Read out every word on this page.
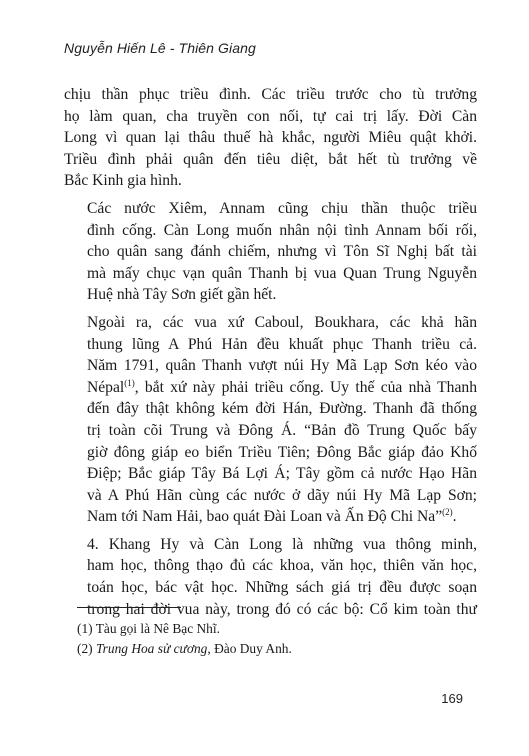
Nguyễn Hiến Lê - Thiên Giang

chịu thần phục triều đình. Các triều trước cho tù trưởng
họ làm quan, cha truyền con nối, tự cai trị lấy. Đời Càn
Long vì quan lại thâu thuế hà khắc, người Miêu quật khởi.
Triều đình phải quân đến tiêu diệt, bắt hết tù trưởng về
Bắc Kinh gia hình.

Các nước Xiêm, Annam cũng chịu thần thuộc triều
đình cống. Càn Long muốn nhân nội tình Annam bối rối,
cho quân sang đánh chiếm, nhưng vì Tôn Sĩ Nghị bất tài
mà mấy chục vạn quân Thanh bị vua Quan Trung Nguyễn
Huệ nhà Tây Sơn giết gần hết.

Ngoài ra, các vua xứ Caboul, Boukhara, các khả hãn
thung lũng A Phú Hản đều khuất phục Thanh triều cả.
Năm 1791, quân Thanh vượt núi Hy Mã Lạp Sơn kéo vào
Népal$^{(1)}$, bắt xứ này phải triều cống. Uy thế của nhà Thanh
đến đây thật không kém đời Hán, Đường. Thanh đã thống
trị toàn cõi Trung và Đông Á. “Bản đồ Trung Quốc bấy
giờ đông giáp eo biển Triều Tiên; Đông Bắc giáp đảo Khố
Điệp; Bắc giáp Tây Bá Lợi Á; Tây gồm cả nước Hạo Hãn
và A Phú Hãn cùng các nước ở dãy núi Hy Mã Lạp Sơn;
Nam tới Nam Hải, bao quát Đài Loan và Ấn Độ Chi Na”$^{(2)}$.

4. Khang Hy và Càn Long là những vua thông minh,
ham học, thông thạo đủ các khoa, văn học, thiên văn học,
toán học, bác vật học. Những sách giá trị đều được soạn
trong hai đời vua này, trong đó có các bộ: Cổ kim toàn thư

(1) Tàu gọi là Nê Bạc Nhĩ.
(2) Trung Hoa sử cương, Đào Duy Anh.
169
